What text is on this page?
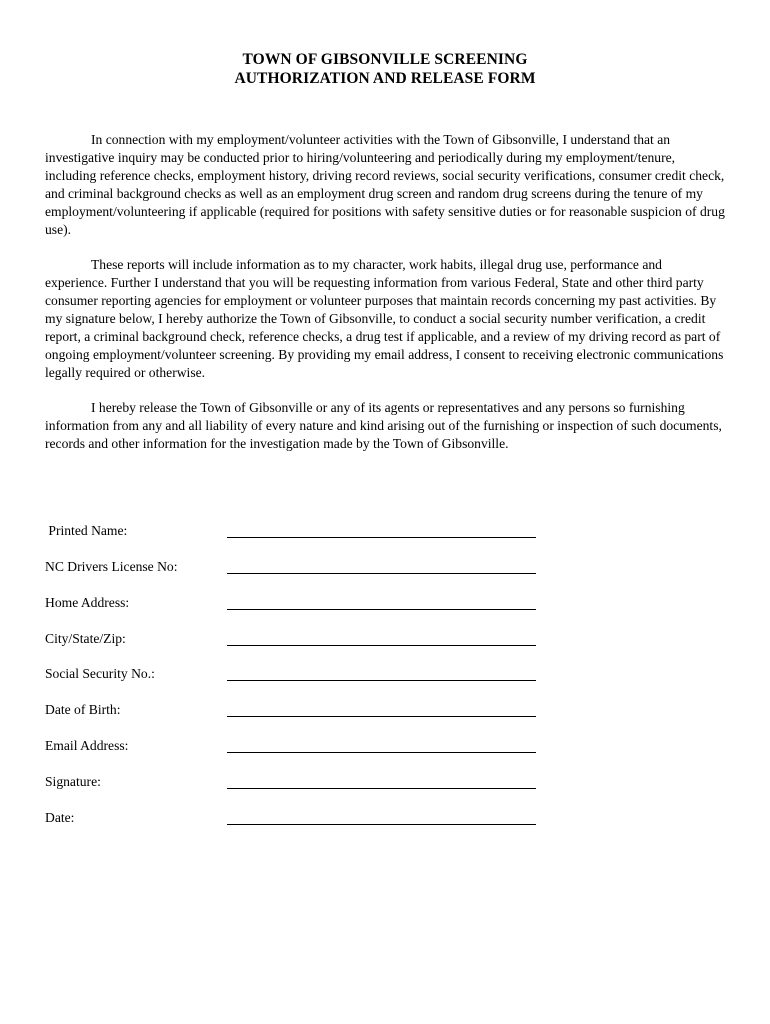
TOWN OF GIBSONVILLE SCREENING
AUTHORIZATION AND RELEASE FORM

In connection with my employment/volunteer activities with the Town of Gibsonville, I understand that an investigative inquiry may be conducted prior to hiring/volunteering and periodically during my employment/tenure, including reference checks, employment history, driving record reviews, social security verifications, consumer credit check, and criminal background checks as well as an employment drug screen and random drug screens during the tenure of my employment/volunteering if applicable (required for positions with safety sensitive duties or for reasonable suspicion of drug use).

These reports will include information as to my character, work habits, illegal drug use, performance and experience. Further I understand that you will be requesting information from various Federal, State and other third party consumer reporting agencies for employment or volunteer purposes that maintain records concerning my past activities. By my signature below, I hereby authorize the Town of Gibsonville, to conduct a social security number verification, a credit report, a criminal background check, reference checks, a drug test if applicable, and a review of my driving record as part of ongoing employment/volunteer screening. By providing my email address, I consent to receiving electronic communications legally required or otherwise.

I hereby release the Town of Gibsonville or any of its agents or representatives and any persons so furnishing information from any and all liability of every nature and kind arising out of the furnishing or inspection of such documents, records and other information for the investigation made by the Town of Gibsonville.

Printed Name:
NC Drivers License No:
Home Address:
City/State/Zip:
Social Security No.:
Date of Birth:
Email Address:
Signature:
Date:
